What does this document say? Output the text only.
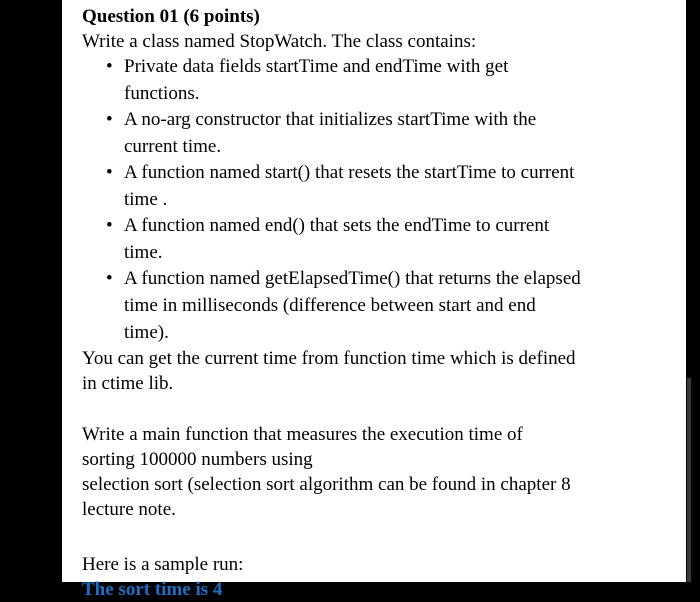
Question 01 (6 points)

Write a class named StopWatch. The class contains:

• Private data fields startTime and endTime with get
functions.
• A no-arg constructor that initializes startTime with the
current time.
• A function named start() that resets the startTime to current
time .
• A function named end() that sets the endTime to current
time.
• A function named getElapsedTime() that returns the elapsed
time in milliseconds (difference between start and end
time).

You can get the current time from function time which is defined

in ctime lib.

Write a main function that measures the execution time of

sorting 100000 numbers using

selection sort (selection sort algorithm can be found in chapter 8

lecture note.

Here is a sample run:

The sort time is 4
